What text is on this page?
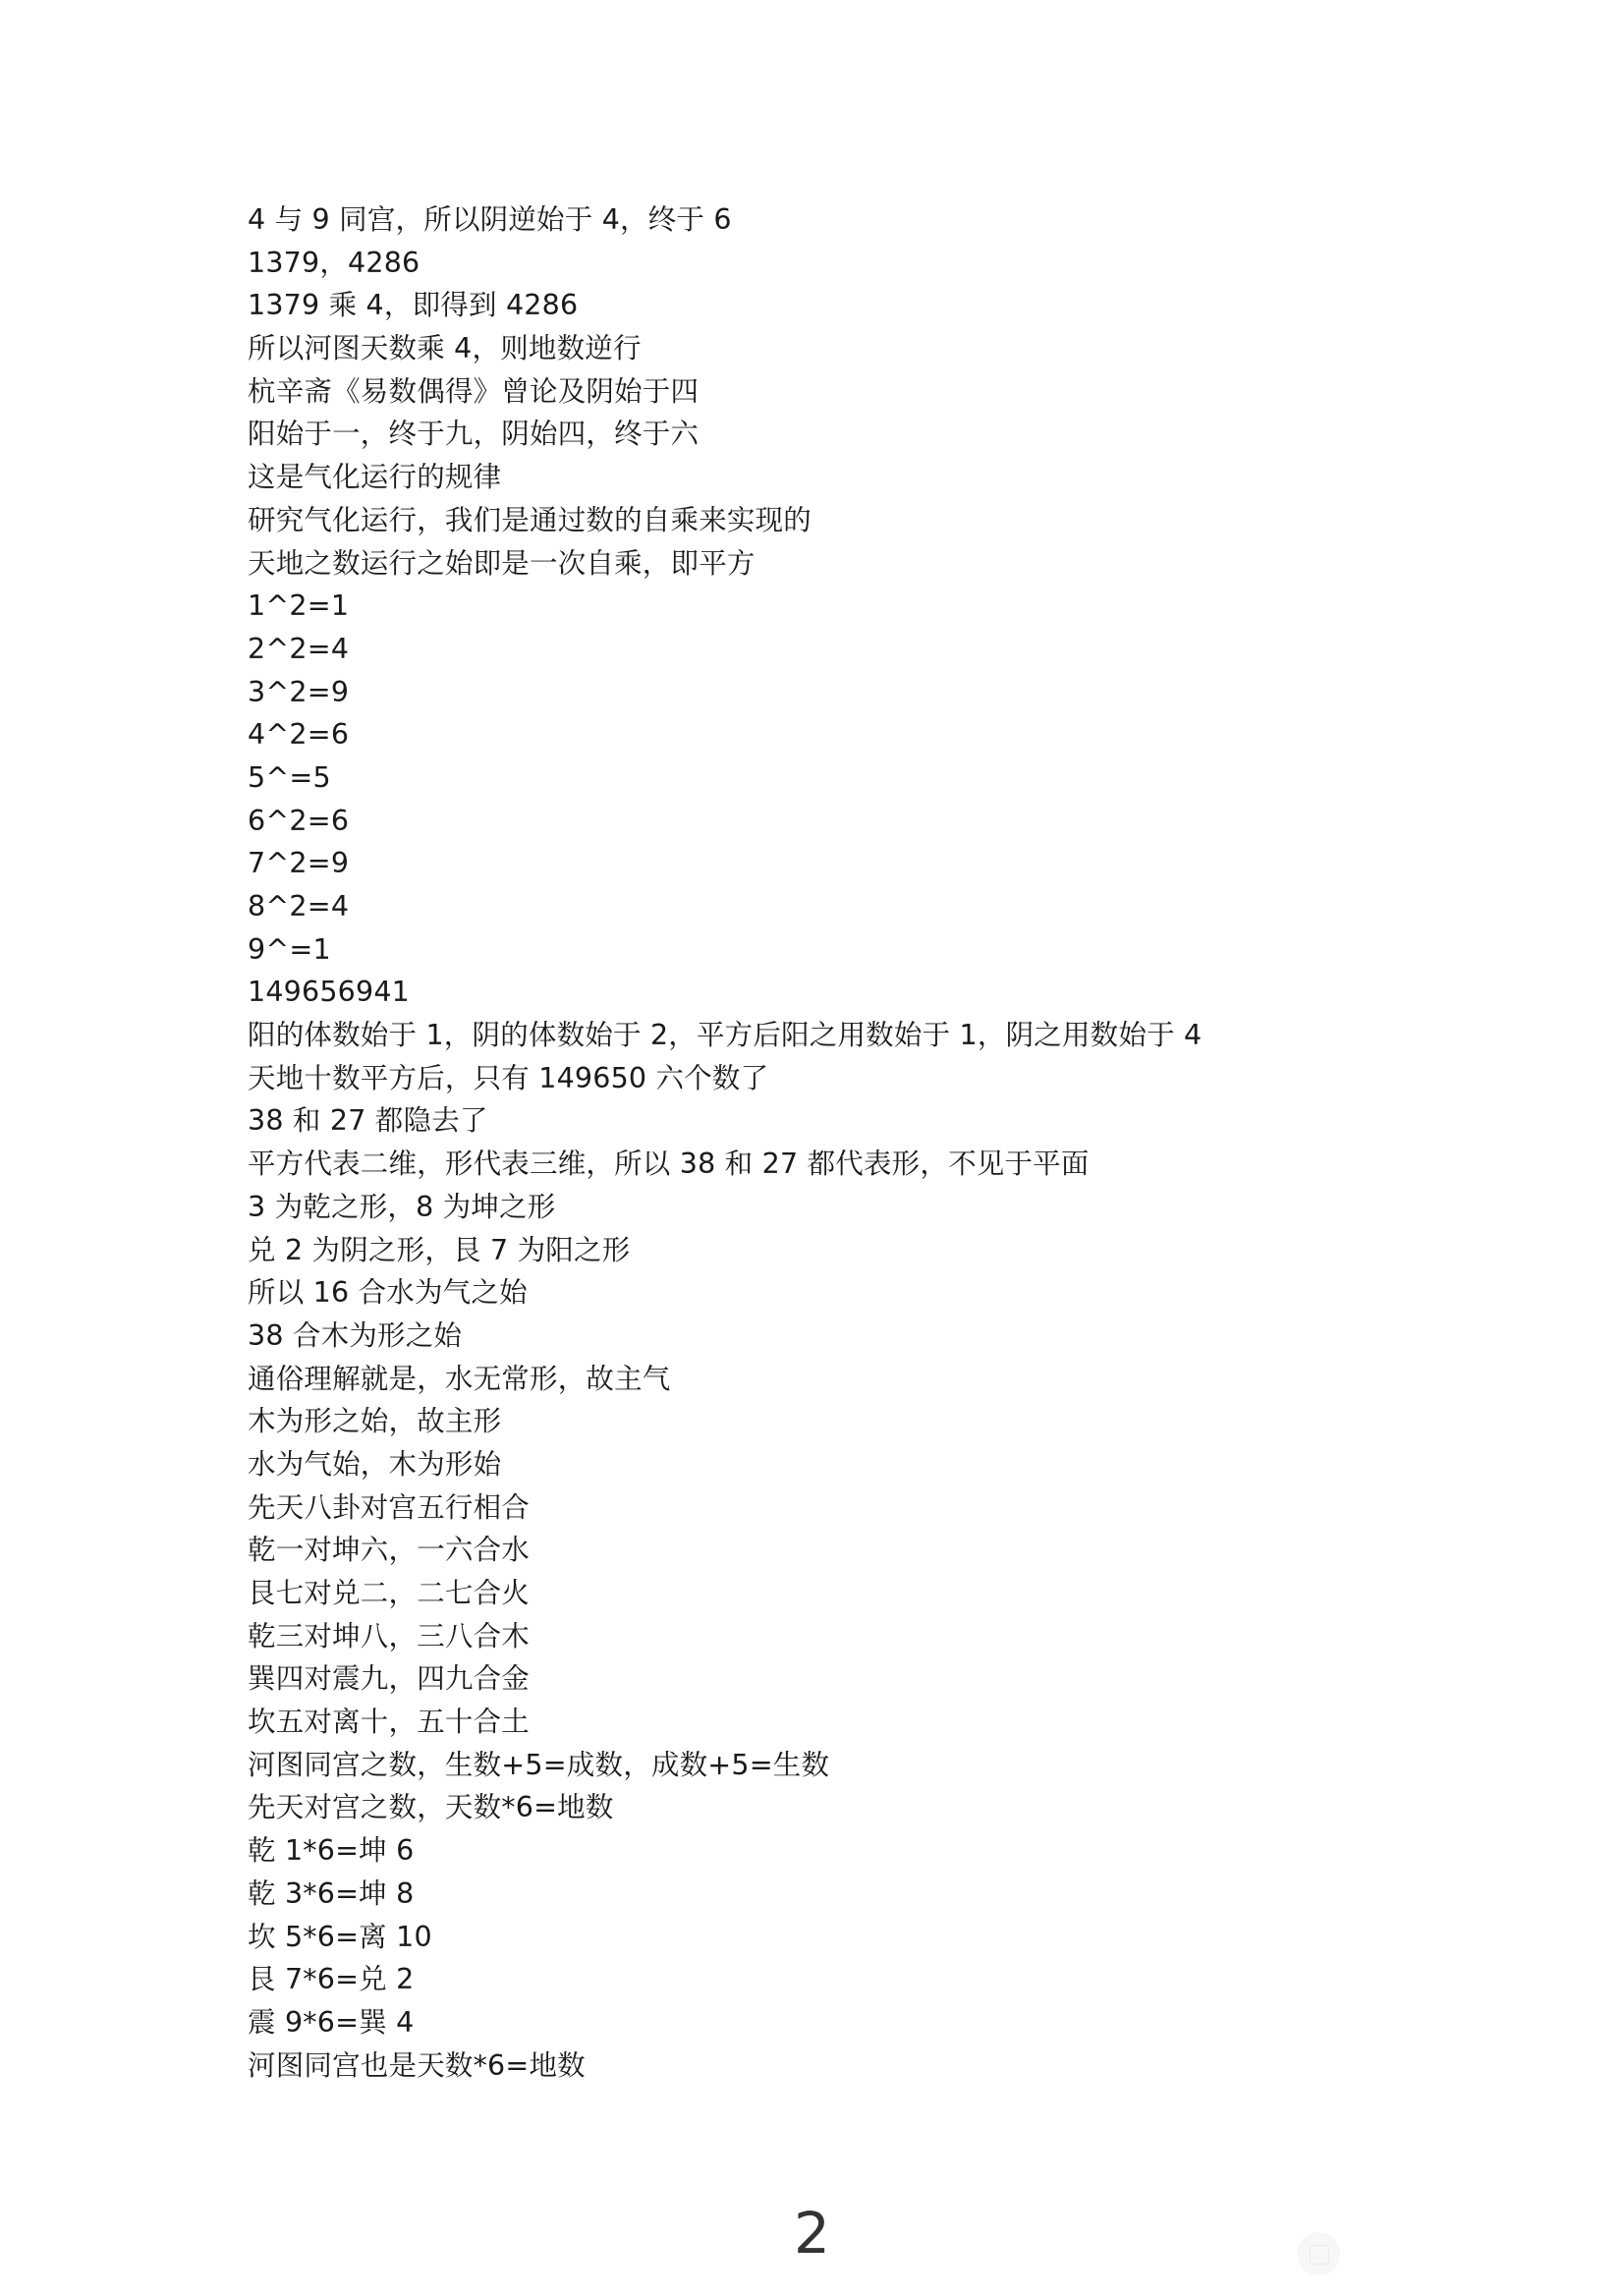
4 与 9 同宫，所以阴逆始于 4，终于 6
1379，4286
1379 乘 4，即得到 4286
所以河图天数乘 4，则地数逆行
杭辛斋《易数偶得》曾论及阴始于四
阳始于一，终于九，阴始四，终于六
这是气化运行的规律
研究气化运行，我们是通过数的自乘来实现的
天地之数运行之始即是一次自乘，即平方
1^2=1
2^2=4
3^2=9
4^2=6
5^=5
6^2=6
7^2=9
8^2=4
9^=1
149656941
阳的体数始于 1，阴的体数始于 2，平方后阳之用数始于 1，阴之用数始于 4
天地十数平方后，只有 149650 六个数了
38 和 27 都隐去了
平方代表二维，形代表三维，所以 38 和 27 都代表形，不见于平面
3 为乾之形，8 为坤之形
兑 2 为阴之形，艮 7 为阳之形
所以 16 合水为气之始
38 合木为形之始
通俗理解就是，水无常形，故主气
木为形之始，故主形
水为气始，木为形始
先天八卦对宫五行相合
乾一对坤六，一六合水
艮七对兑二，二七合火
乾三对坤八，三八合木
巽四对震九，四九合金
坎五对离十，五十合土
河图同宫之数，生数+5=成数，成数+5=生数
先天对宫之数，天数*6=地数
乾 1*6=坤 6
乾 3*6=坤 8
坎 5*6=离 10
艮 7*6=兑 2
震 9*6=巽 4
河图同宫也是天数*6=地数
2
